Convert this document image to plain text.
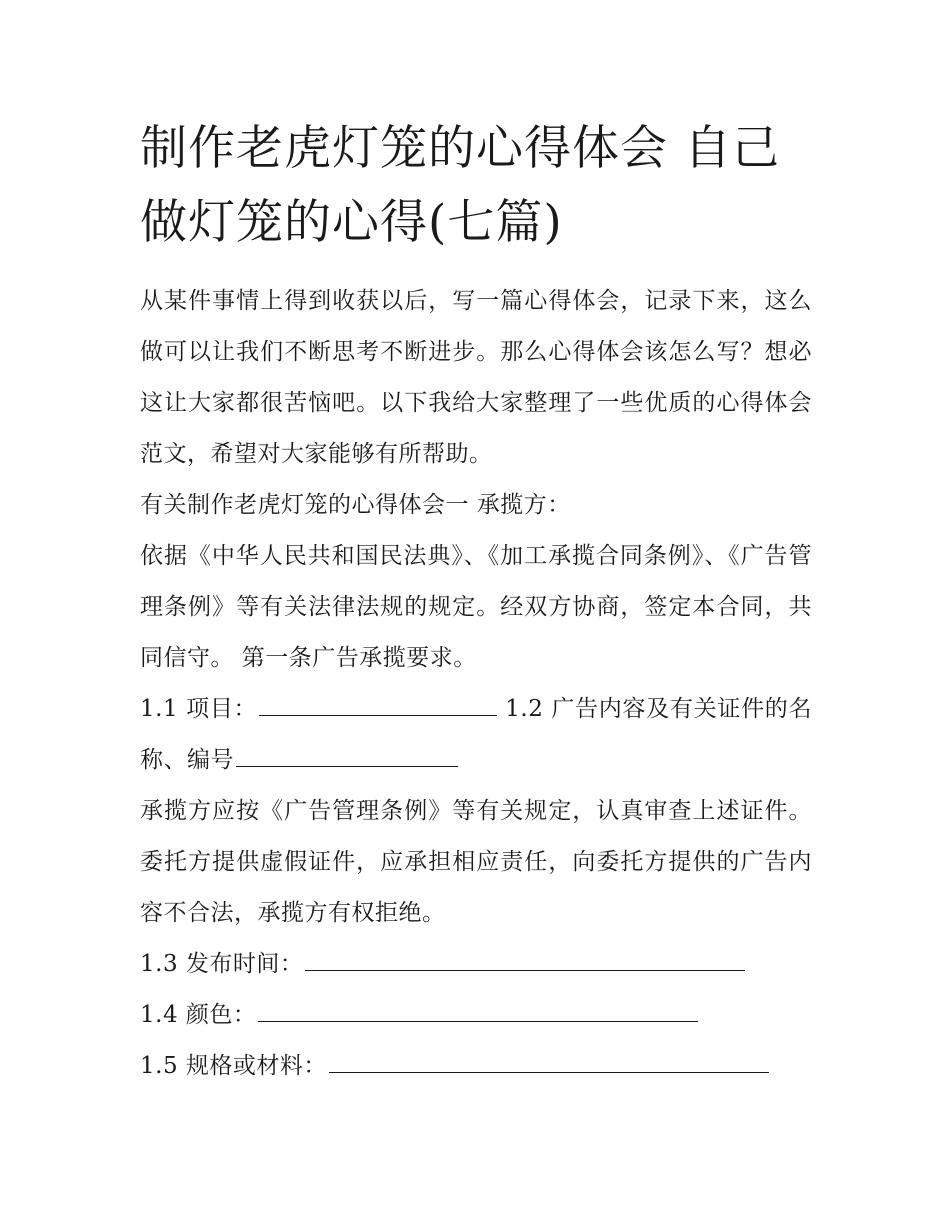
制作老虎灯笼的心得体会 自己做灯笼的心得(七篇)

从某件事情上得到收获以后，写一篇心得体会，记录下来，这么做可以让我们不断思考不断进步。那么心得体会该怎么写？想必这让大家都很苦恼吧。以下我给大家整理了一些优质的心得体会范文，希望对大家能够有所帮助。

有关制作老虎灯笼的心得体会一 承揽方：

依据《中华人民共和国民法典》、《加工承揽合同条例》、《广告管理条例》等有关法律法规的规定。经双方协商，签定本合同，共同信守。 第一条广告承揽要求。

1.1 项目：	1.2 广告内容及有关证件的名称、编号

承揽方应按《广告管理条例》等有关规定，认真审查上述证件。委托方提供虚假证件，应承担相应责任，向委托方提供的广告内容不合法，承揽方有权拒绝。

1.3 发布时间：

1.4 颜色：

1.5 规格或材料：
